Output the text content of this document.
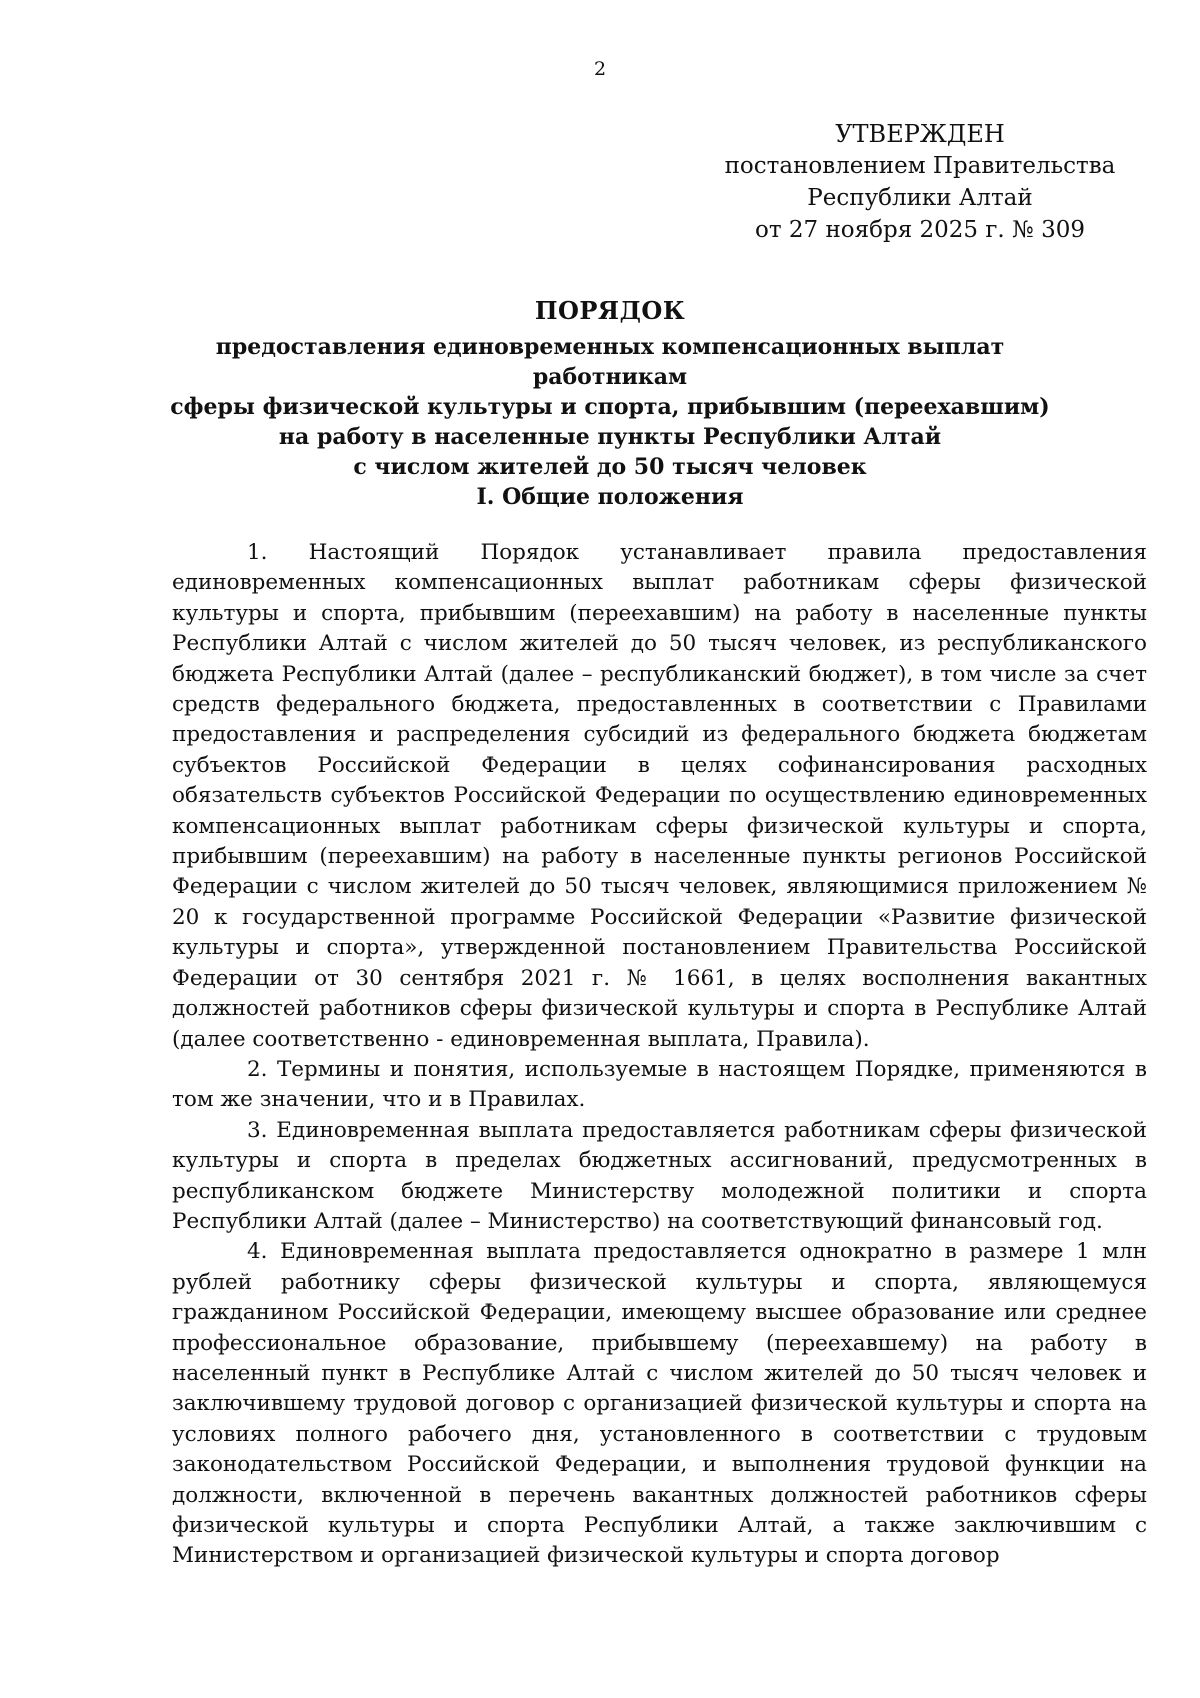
2
УТВЕРЖДЕН
постановлением Правительства
Республики Алтай
от 27 ноября 2025 г. № 309
ПОРЯДОК
предоставления единовременных компенсационных выплат работникам
сферы физической культуры и спорта, прибывшим (переехавшим)
на работу в населенные пункты Республики Алтай
с числом жителей до 50 тысяч человек
I. Общие положения

1. Настоящий Порядок устанавливает правила предоставления единовременных компенсационных выплат работникам сферы физической культуры и спорта, прибывшим (переехавшим) на работу в населенные пункты Республики Алтай с числом жителей до 50 тысяч человек, из республиканского бюджета Республики Алтай (далее – республиканский бюджет), в том числе за счет средств федерального бюджета, предоставленных в соответствии с Правилами предоставления и распределения субсидий из федерального бюджета бюджетам субъектов Российской Федерации в целях софинансирования расходных обязательств субъектов Российской Федерации по осуществлению единовременных компенсационных выплат работникам сферы физической культуры и спорта, прибывшим (переехавшим) на работу в населенные пункты регионов Российской Федерации с числом жителей до 50 тысяч человек, являющимися приложением № 20 к государственной программе Российской Федерации «Развитие физической культуры и спорта», утвержденной постановлением Правительства Российской Федерации от 30 сентября 2021 г. № 1661, в целях восполнения вакантных должностей работников сферы физической культуры и спорта в Республике Алтай (далее соответственно - единовременная выплата, Правила).

2. Термины и понятия, используемые в настоящем Порядке, применяются в том же значении, что и в Правилах.

3. Единовременная выплата предоставляется работникам сферы физической культуры и спорта в пределах бюджетных ассигнований, предусмотренных в республиканском бюджете Министерству молодежной политики и спорта Республики Алтай (далее – Министерство) на соответствующий финансовый год.

4. Единовременная выплата предоставляется однократно в размере 1 млн рублей работнику сферы физической культуры и спорта, являющемуся гражданином Российской Федерации, имеющему высшее образование или среднее профессиональное образование, прибывшему (переехавшему) на работу в населенный пункт в Республике Алтай с числом жителей до 50 тысяч человек и заключившему трудовой договор с организацией физической культуры и спорта на условиях полного рабочего дня, установленного в соответствии с трудовым законодательством Российской Федерации, и выполнения трудовой функции на должности, включенной в перечень вакантных должностей работников сферы физической культуры и спорта Республики Алтай, а также заключившим с Министерством и организацией физической культуры и спорта договор
